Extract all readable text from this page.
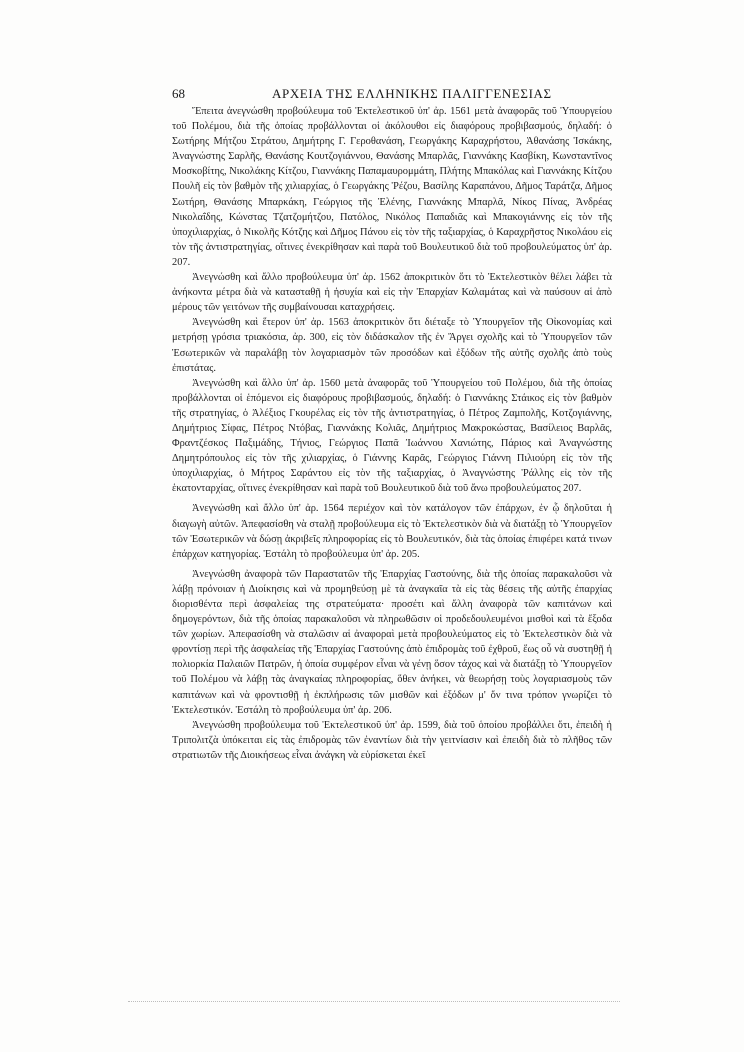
68	ΑΡΧΕΙΑ ΤΗΣ ΕΛΛΗΝΙΚΗΣ ΠΑΛΙΓΓΕΝΕΣΙΑΣ

Ἔπειτα ἀνεγνώσθη προβούλευμα τοῦ Ἐκτελεστικοῦ ὑπ' ἀρ. 1561 μετὰ ἀναφορᾶς τοῦ Ὑπουργείου τοῦ Πολέμου, διὰ τῆς ὁποίας προβάλλονται οἱ ἀκόλουθοι εἰς διαφόρους προβιβασμούς, δηλαδή: ὁ Σωτήρης Μήτζου Στράτου, Δημήτρης Γ. Γεροθανάση, Γεωργάκης Καραχρήστου, Ἀθανάσης Ἰσκάκης, Ἀναγνώστης Σαρλῆς, Θανάσης Κουτζογιάννου, Θανάσης Μπαρλᾶς, Γιαννάκης Κασβίκη, Κωνσταντῖνος Μοσκοβίτης, Νικολάκης Κίτζου, Γιαννάκης Παπαμαυρομμάτη, Πλήτης Μπακόλας καὶ Γιαννάκης Κίτζου Πουλῆ εἰς τὸν βαθμὸν τῆς χιλιαρχίας, ὁ Γεωργάκης Ῥέζου, Βασίλης Καραπάνου, Δῆμος Ταράτζα, Δῆμος Σωτήρη, Θανάσης Μπαρκάκη, Γεώργιος τῆς Ἑλένης, Γιαννάκης Μπαρλᾶ, Νίκος Πίνας, Ἀνδρέας Νικολαΐδης, Κώνστας Τζατζομήτζου, Πατόλος, Νικόλος Παπαδιᾶς καὶ Μπακογιάννης εἰς τὸν τῆς ὑποχιλιαρχίας, ὁ Νικολῆς Κότζης καὶ Δῆμος Πάνου εἰς τὸν τῆς ταξιαρχίας, ὁ Καραχρῆστος Νικολάου εἰς τὸν τῆς ἀντιστρατηγίας, οἵτινες ἐνεκρίθησαν καὶ παρὰ τοῦ Βουλευτικοῦ διὰ τοῦ προβουλεύματος ὑπ' ἀρ. 207.

Ἀνεγνώσθη καὶ ἄλλο προβούλευμα ὑπ' ἀρ. 1562 ἀποκριτικὸν ὅτι τὸ Ἐκτελεστικὸν θέλει λάβει τὰ ἀνήκοντα μέτρα διὰ νὰ κατασταθῇ ἡ ἡσυχία καὶ εἰς τὴν Ἐπαρχίαν Καλαμάτας καὶ νὰ παύσουν αἱ ἀπὸ μέρους τῶν γειτόνων τῆς συμβαίνουσαι καταχρήσεις.

Ἀνεγνώσθη καὶ ἕτερον ὑπ' ἀρ. 1563 ἀποκριτικὸν ὅτι διέταξε τὸ Ὑπουργεῖον τῆς Οἰκονομίας καὶ μετρήσῃ γρόσια τριακόσια, ἀρ. 300, εἰς τὸν διδάσκαλον τῆς ἐν Ἄργει σχολῆς καὶ τὸ Ὑπουργεῖον τῶν Ἐσωτερικῶν νὰ παραλάβῃ τὸν λογαριασμὸν τῶν προσόδων καὶ ἐξόδων τῆς αὐτῆς σχολῆς ἀπὸ τοὺς ἐπιστάτας.

Ἀνεγνώσθη καὶ ἄλλο ὑπ' ἀρ. 1560 μετὰ ἀναφορᾶς τοῦ Ὑπουργείου τοῦ Πολέμου, διὰ τῆς ὁποίας προβάλλονται οἱ ἑπόμενοι εἰς διαφόρους προβιβασμούς, δηλαδή: ὁ Γιαννάκης Στάικος εἰς τὸν βαθμὸν τῆς στρατηγίας, ὁ Ἀλέξιος Γκουρέλας εἰς τὸν τῆς ἀντιστρατηγίας, ὁ Πέτρος Ζαμπολῆς, Κοτζογιάννης, Δημήτριος Σίφας, Πέτρος Ντόβας, Γιαννάκης Κολιᾶς, Δημήτριος Μακροκώστας, Βασίλειος Βαρλᾶς, Φραντζέσκος Παξιμάδης, Τήνιος, Γεώργιος Παπᾶ Ἰωάννου Χανιώτης, Πάριος καὶ Ἀναγνώστης Δημητρόπουλος εἰς τὸν τῆς χιλιαρχίας, ὁ Γιάννης Καρᾶς, Γεώργιος Γιάννη Πιλιούρη εἰς τὸν τῆς ὑποχιλιαρχίας, ὁ Μήτρος Σαράντου εἰς τὸν τῆς ταξιαρχίας, ὁ Ἀναγνώστης Ῥάλλης εἰς τὸν τῆς ἑκατονταρχίας, οἵτινες ἐνεκρίθησαν καὶ παρὰ τοῦ Βουλευτικοῦ διὰ τοῦ ἄνω προβουλεύματος 207.

Ἀνεγνώσθη καὶ ἄλλο ὑπ' ἀρ. 1564 περιέχον καὶ τὸν κατάλογον τῶν ἐπάρχων, ἐν ᾧ δηλοῦται ἡ διαγωγὴ αὐτῶν. Ἀπεφασίσθη νὰ σταλῇ προβούλευμα εἰς τὸ Ἐκτελεστικὸν διὰ νὰ διατάξῃ τὸ Ὑπουργεῖον τῶν Ἐσωτερικῶν νὰ δώσῃ ἀκριβεῖς πληροφορίας εἰς τὸ Βουλευτικόν, διὰ τὰς ὁποίας ἐπιφέρει κατά τινων ἐπάρχων κατηγορίας. Ἐστάλη τὸ προβούλευμα ὑπ' ἀρ. 205.

Ἀνεγνώσθη ἀναφορὰ τῶν Παραστατῶν τῆς Ἐπαρχίας Γαστούνης, διὰ τῆς ὁποίας παρακαλοῦσι νὰ λάβῃ πρόνοιαν ἡ Διοίκησις καὶ νὰ προμηθεύσῃ μὲ τὰ ἀναγκαῖα τὰ εἰς τὰς θέσεις τῆς αὐτῆς ἐπαρχίας διορισθέντα περὶ ἀσφαλείας της στρατεύματα· προσέτι καὶ ἄλλη ἀναφορὰ τῶν καπιτάνων καὶ δημογερόντων, διὰ τῆς ὁποίας παρακαλοῦσι νὰ πληρωθῶσιν οἱ προδεδουλευμένοι μισθοὶ καὶ τὰ ἔξοδα τῶν χωρίων. Ἀπεφασίσθη νὰ σταλῶσιν αἱ ἀναφοραὶ μετὰ προβουλεύματος εἰς τὸ Ἐκτελεστικὸν διὰ νὰ φροντίσῃ περὶ τῆς ἀσφαλείας τῆς Ἐπαρχίας Γαστούνης ἀπὸ ἐπιδρομὰς τοῦ ἐχθροῦ, ἕως οὗ νὰ συστηθῇ ἡ πολιορκία Παλαιῶν Πατρῶν, ἡ ὁποία συμφέρον εἶναι νὰ γένῃ ὅσον τάχος καὶ νὰ διατάξῃ τὸ Ὑπουργεῖον τοῦ Πολέμου νὰ λάβῃ τὰς ἀναγκαίας πληροφορίας, ὅθεν ἀνήκει, νὰ θεωρήσῃ τοὺς λογαριασμοὺς τῶν καπιτάνων καὶ νὰ φροντισθῇ ἡ ἐκπλήρωσις τῶν μισθῶν καὶ ἐξόδων μ' ὅν τινα τρόπον γνωρίζει τὸ Ἐκτελεστικόν. Ἐστάλη τὸ προβούλευμα ὑπ' ἀρ. 206.

Ἀνεγνώσθη προβούλευμα τοῦ Ἐκτελεστικοῦ ὑπ' ἀρ. 1599, διὰ τοῦ ὁποίου προβάλλει ὅτι, ἐπειδὴ ἡ Τριπολιτζὰ ὑπόκειται εἰς τὰς ἐπιδρομὰς τῶν ἐναντίων διὰ τὴν γειτνίασιν καὶ ἐπειδὴ διὰ τὸ πλῆθος τῶν στρατιωτῶν τῆς Διοικήσεως εἶναι ἀνάγκη νὰ εὑρίσκεται ἐκεῖ
